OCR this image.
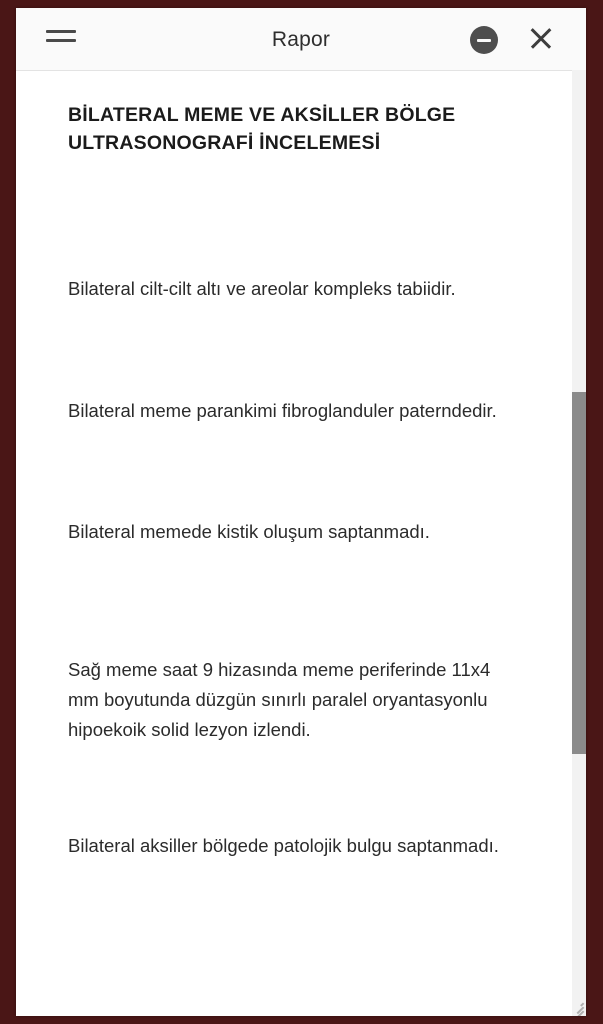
Rapor
BİLATERAL MEME VE AKSİLLER BÖLGE ULTRASONOGRAFİ İNCELEMESİ

Bilateral cilt-cilt altı ve areolar kompleks tabiidir.

Bilateral meme parankimi fibroglanduler paterndedir.

Bilateral memede kistik oluşum saptanmadı.

Sağ meme saat 9 hizasında meme periferinde 11x4 mm boyutunda düzgün sınırlı paralel oryantasyonlu hipoekoik solid lezyon izlendi.

Bilateral aksiller bölgede patolojik bulgu saptanmadı.
